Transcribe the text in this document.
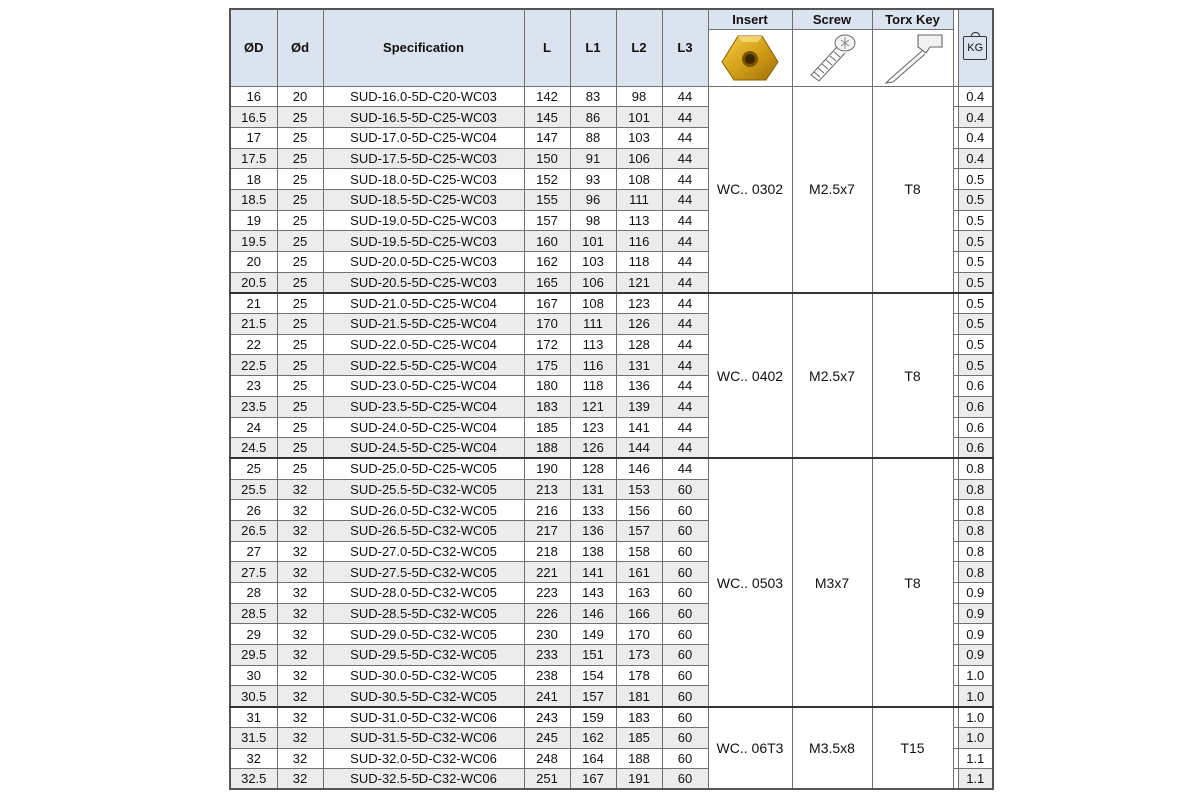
ØD	Ød	Specification	L	L1	L2	L3	Insert	Screw	Torx Key		KG

16	20	SUD-16.0-5D-C20-WC03	142	83	98	44	WC.. 0302	M2.5x7	T8		0.4
16.5	25	SUD-16.5-5D-C25-WC03	145	86	101	44					0.4
17	25	SUD-17.0-5D-C25-WC04	147	88	103	44					0.4
17.5	25	SUD-17.5-5D-C25-WC03	150	91	106	44					0.4
18	25	SUD-18.0-5D-C25-WC03	152	93	108	44					0.5
18.5	25	SUD-18.5-5D-C25-WC03	155	96	111	44					0.5
19	25	SUD-19.0-5D-C25-WC03	157	98	113	44					0.5
19.5	25	SUD-19.5-5D-C25-WC03	160	101	116	44					0.5
20	25	SUD-20.0-5D-C25-WC03	162	103	118	44					0.5
20.5	25	SUD-20.5-5D-C25-WC03	165	106	121	44					0.5
21	25	SUD-21.0-5D-C25-WC04	167	108	123	44	WC.. 0402	M2.5x7	T8		0.5
21.5	25	SUD-21.5-5D-C25-WC04	170	111	126	44					0.5
22	25	SUD-22.0-5D-C25-WC04	172	113	128	44					0.5
22.5	25	SUD-22.5-5D-C25-WC04	175	116	131	44					0.5
23	25	SUD-23.0-5D-C25-WC04	180	118	136	44					0.6
23.5	25	SUD-23.5-5D-C25-WC04	183	121	139	44					0.6
24	25	SUD-24.0-5D-C25-WC04	185	123	141	44					0.6
24.5	25	SUD-24.5-5D-C25-WC04	188	126	144	44					0.6
25	25	SUD-25.0-5D-C25-WC05	190	128	146	44	WC.. 0503	M3x7	T8		0.8
25.5	32	SUD-25.5-5D-C32-WC05	213	131	153	60					0.8
26	32	SUD-26.0-5D-C32-WC05	216	133	156	60					0.8
26.5	32	SUD-26.5-5D-C32-WC05	217	136	157	60					0.8
27	32	SUD-27.0-5D-C32-WC05	218	138	158	60					0.8
27.5	32	SUD-27.5-5D-C32-WC05	221	141	161	60					0.8
28	32	SUD-28.0-5D-C32-WC05	223	143	163	60					0.9
28.5	32	SUD-28.5-5D-C32-WC05	226	146	166	60					0.9
29	32	SUD-29.0-5D-C32-WC05	230	149	170	60					0.9
29.5	32	SUD-29.5-5D-C32-WC05	233	151	173	60					0.9
30	32	SUD-30.0-5D-C32-WC05	238	154	178	60					1.0
30.5	32	SUD-30.5-5D-C32-WC05	241	157	181	60					1.0
31	32	SUD-31.0-5D-C32-WC06	243	159	183	60	WC.. 06T3	M3.5x8	T15		1.0
31.5	32	SUD-31.5-5D-C32-WC06	245	162	185	60					1.0
32	32	SUD-32.0-5D-C32-WC06	248	164	188	60					1.1
32.5	32	SUD-32.5-5D-C32-WC06	251	167	191	60					1.1
